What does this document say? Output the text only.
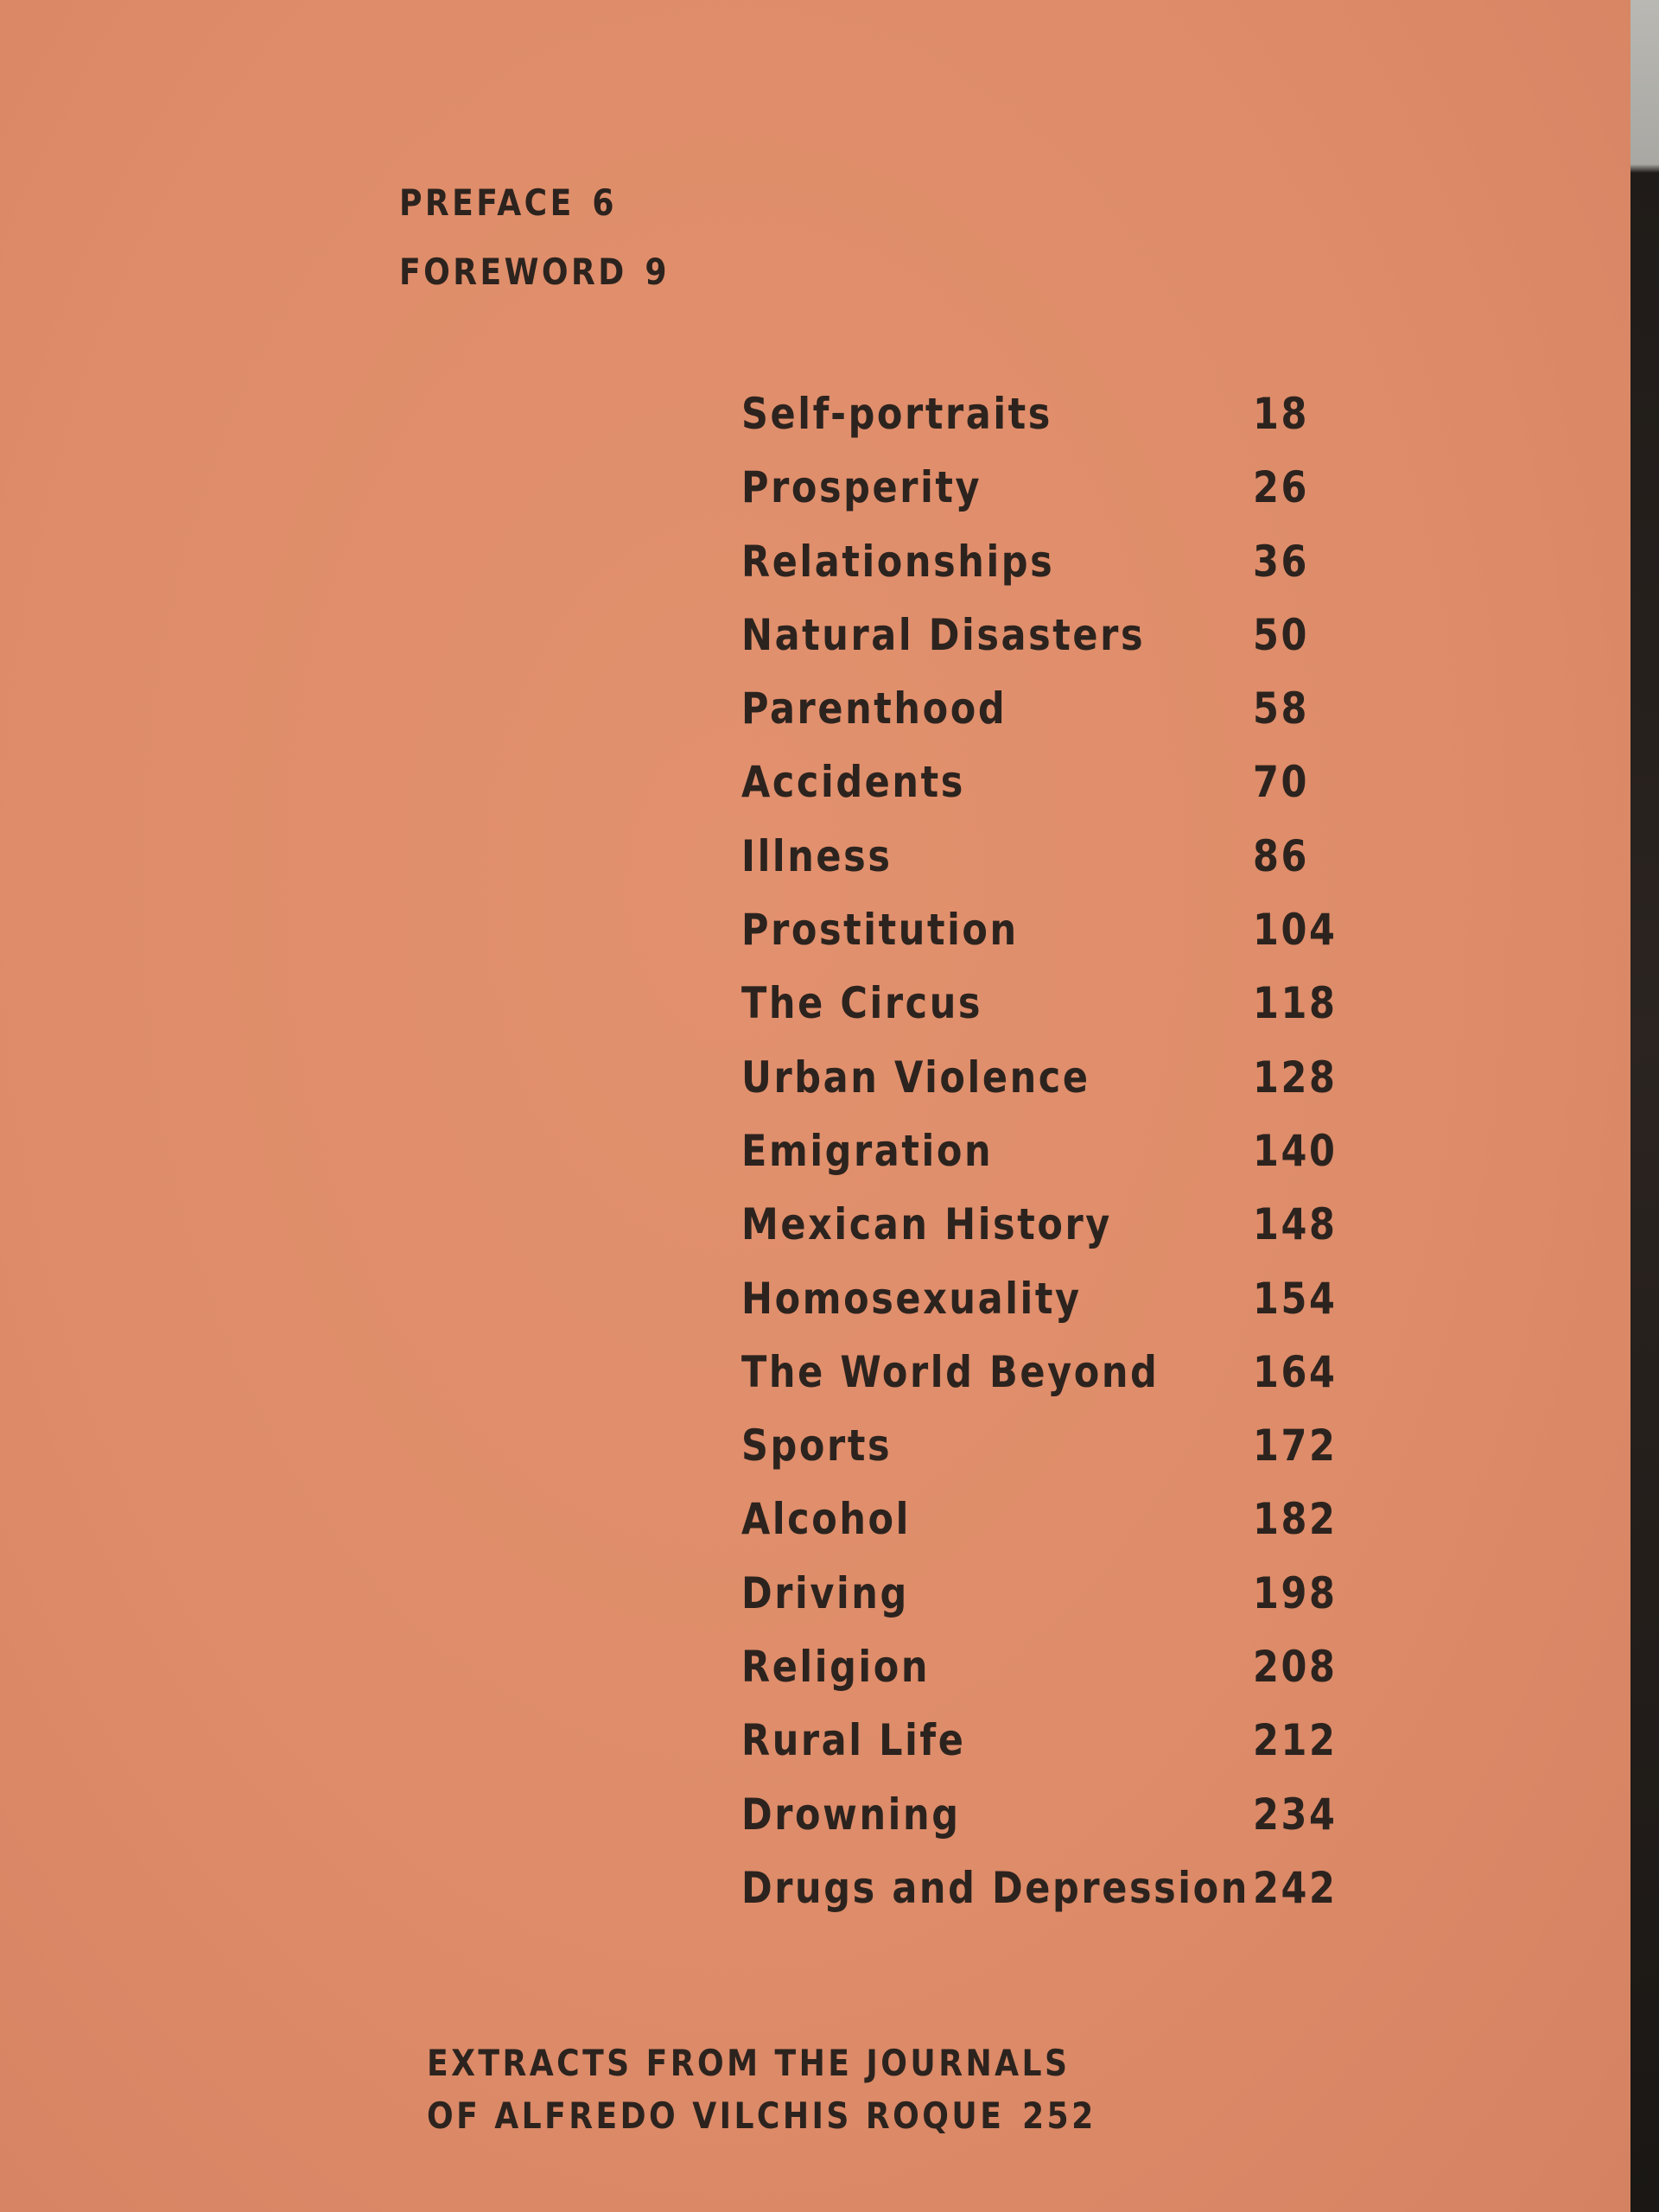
PREFACE 6
FOREWORD 9
Self-portraits	18
Prosperity	26
Relationships	36
Natural Disasters 50
Parenthood	58
Accidents	70
Illness	86
Prostitution	104
The Circus	118
Urban Violence	128
Emigration	140
Mexican History	148
Homosexuality	154
The World Beyond 164
Sports	172
Alcohol	182
Driving	198
Religion	208
Rural Life	212
Drowning	234
Drugs and Depression 242
EXTRACTS FROM THE JOURNALS
OF ALFREDO VILCHIS ROQUE 252
